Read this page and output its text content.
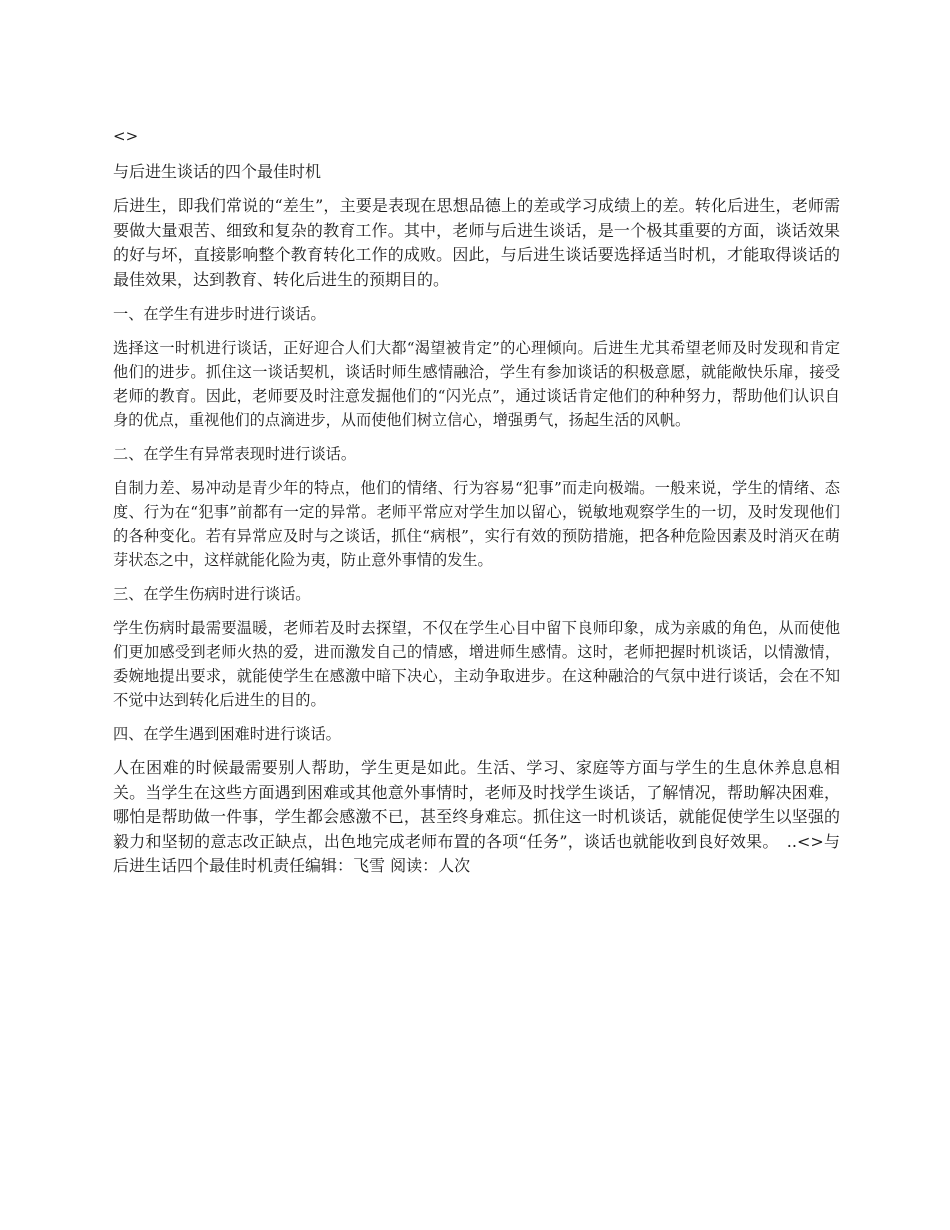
<>
与后进生谈话的四个最佳时机
后进生，即我们常说的“差生”，主要是表现在思想品德上的差或学习成绩上的差。转化后进生，老师需要做大量艰苦、细致和复杂的教育工作。其中，老师与后进生谈话，是一个极其重要的方面，谈话效果的好与坏，直接影响整个教育转化工作的成败。因此，与后进生谈话要选择适当时机，才能取得谈话的最佳效果，达到教育、转化后进生的预期目的。
一、在学生有进步时进行谈话。
选择这一时机进行谈话，正好迎合人们大都“渴望被肯定”的心理倾向。后进生尤其希望老师及时发现和肯定他们的进步。抓住这一谈话契机，谈话时师生感情融洽，学生有参加谈话的积极意愿，就能敞快乐扉，接受老师的教育。因此，老师要及时注意发掘他们的“闪光点”，通过谈话肯定他们的种种努力，帮助他们认识自身的优点，重视他们的点滴进步，从而使他们树立信心，增强勇气，扬起生活的风帆。
二、在学生有异常表现时进行谈话。
自制力差、易冲动是青少年的特点，他们的情绪、行为容易“犯事”而走向极端。一般来说，学生的情绪、态度、行为在“犯事”前都有一定的异常。老师平常应对学生加以留心，锐敏地观察学生的一切，及时发现他们的各种变化。若有异常应及时与之谈话，抓住“病根”，实行有效的预防措施，把各种危险因素及时消灭在萌芽状态之中，这样就能化险为夷，防止意外事情的发生。
三、在学生伤病时进行谈话。
学生伤病时最需要温暖，老师若及时去探望，不仅在学生心目中留下良师印象，成为亲戚的角色，从而使他们更加感受到老师火热的爱，进而激发自己的情感，增进师生感情。这时，老师把握时机谈话，以情激情，委婉地提出要求，就能使学生在感激中暗下决心，主动争取进步。在这种融洽的气氛中进行谈话，会在不知不觉中达到转化后进生的目的。
四、在学生遇到困难时进行谈话。
人在困难的时候最需要别人帮助，学生更是如此。生活、学习、家庭等方面与学生的生息休养息息相关。当学生在这些方面遇到困难或其他意外事情时，老师及时找学生谈话，了解情况，帮助解决困难，哪怕是帮助做一件事，学生都会感激不已，甚至终身难忘。抓住这一时机谈话，就能促使学生以坚强的毅力和坚韧的意志改正缺点，出色地完成老师布置的各项“任务”，谈话也就能收到良好效果。　..<>与后进生话四个最佳时机责任编辑：飞雪 阅读：人次
